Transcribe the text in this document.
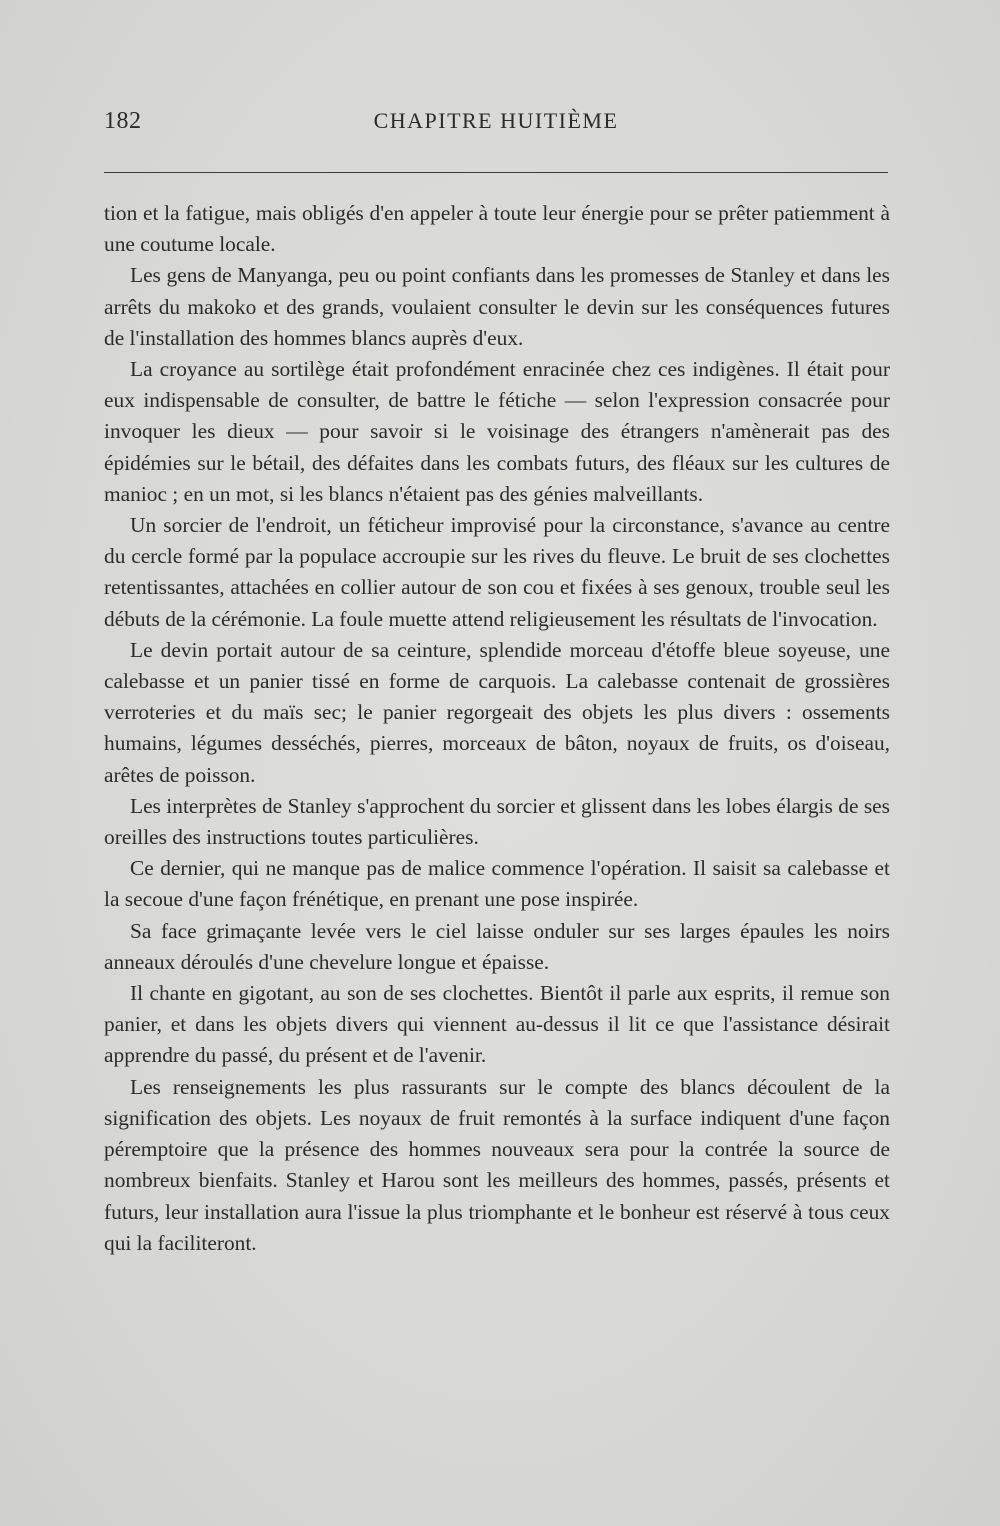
182	CHAPITRE HUITIÈME

tion et la fatigue, mais obligés d'en appeler à toute leur énergie pour se prêter patiemment à une coutume locale.

Les gens de Manyanga, peu ou point confiants dans les promesses de Stanley et dans les arrêts du makoko et des grands, voulaient consulter le devin sur les conséquences futures de l'installation des hommes blancs auprès d'eux.

La croyance au sortilège était profondément enracinée chez ces indigènes. Il était pour eux indispensable de consulter, de battre le fétiche — selon l'expression consacrée pour invoquer les dieux — pour savoir si le voisinage des étrangers n'amènerait pas des épidémies sur le bétail, des défaites dans les combats futurs, des fléaux sur les cultures de manioc ; en un mot, si les blancs n'étaient pas des génies malveillants.

Un sorcier de l'endroit, un féticheur improvisé pour la circonstance, s'avance au centre du cercle formé par la populace accroupie sur les rives du fleuve. Le bruit de ses clochettes retentissantes, attachées en collier autour de son cou et fixées à ses genoux, trouble seul les débuts de la cérémonie. La foule muette attend religieusement les résultats de l'invocation.

Le devin portait autour de sa ceinture, splendide morceau d'étoffe bleue soyeuse, une calebasse et un panier tissé en forme de carquois. La calebasse contenait de grossières verroteries et du maïs sec; le panier regorgeait des objets les plus divers : ossements humains, légumes desséchés, pierres, morceaux de bâton, noyaux de fruits, os d'oiseau, arêtes de poisson.

Les interprètes de Stanley s'approchent du sorcier et glissent dans les lobes élargis de ses oreilles des instructions toutes particulières.

Ce dernier, qui ne manque pas de malice commence l'opération. Il saisit sa calebasse et la secoue d'une façon frénétique, en prenant une pose inspirée.

Sa face grimaçante levée vers le ciel laisse onduler sur ses larges épaules les noirs anneaux déroulés d'une chevelure longue et épaisse.

Il chante en gigotant, au son de ses clochettes. Bientôt il parle aux esprits, il remue son panier, et dans les objets divers qui viennent au-dessus il lit ce que l'assistance désirait apprendre du passé, du présent et de l'avenir.

Les renseignements les plus rassurants sur le compte des blancs découlent de la signification des objets. Les noyaux de fruit remontés à la surface indiquent d'une façon péremptoire que la présence des hommes nouveaux sera pour la contrée la source de nombreux bienfaits. Stanley et Harou sont les meilleurs des hommes, passés, présents et futurs, leur installation aura l'issue la plus triomphante et le bonheur est réservé à tous ceux qui la faciliteront.
